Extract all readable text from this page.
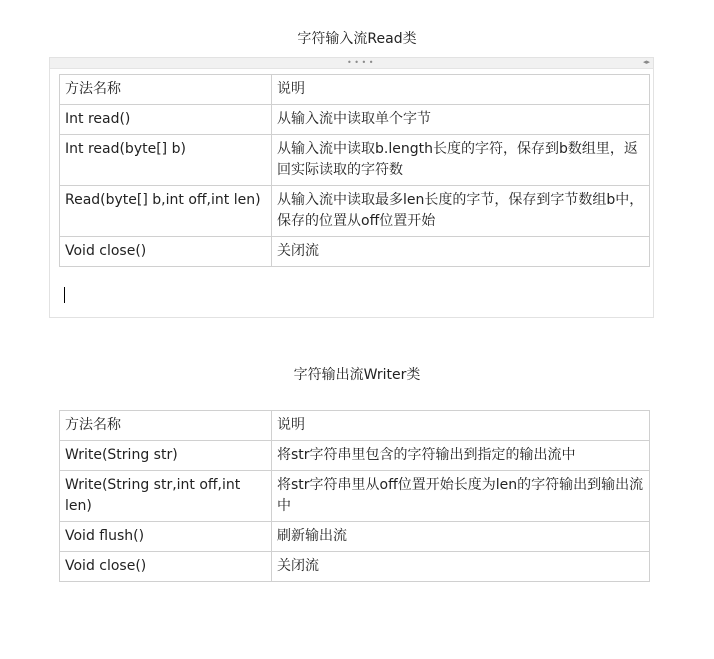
字符输入流Read类
• • • •	◂▸
方法名称	说明
Int read()	从输入流中读取单个字节
Int read(byte[] b)	从输入流中读取b.length长度的字符，保存到b数组里，返回实际读取的字符数
Read(byte[] b,int off,int len)	从输入流中读取最多len长度的字节，保存到字节数组b中，保存的位置从off位置开始
Void close()	关闭流
字符输出流Writer类
方法名称	说明
Write(String str)	将str字符串里包含的字符输出到指定的输出流中
Write(String str,int off,int len)	将str字符串里从off位置开始长度为len的字符输出到输出流中
Void flush()	刷新输出流
Void close()	关闭流
